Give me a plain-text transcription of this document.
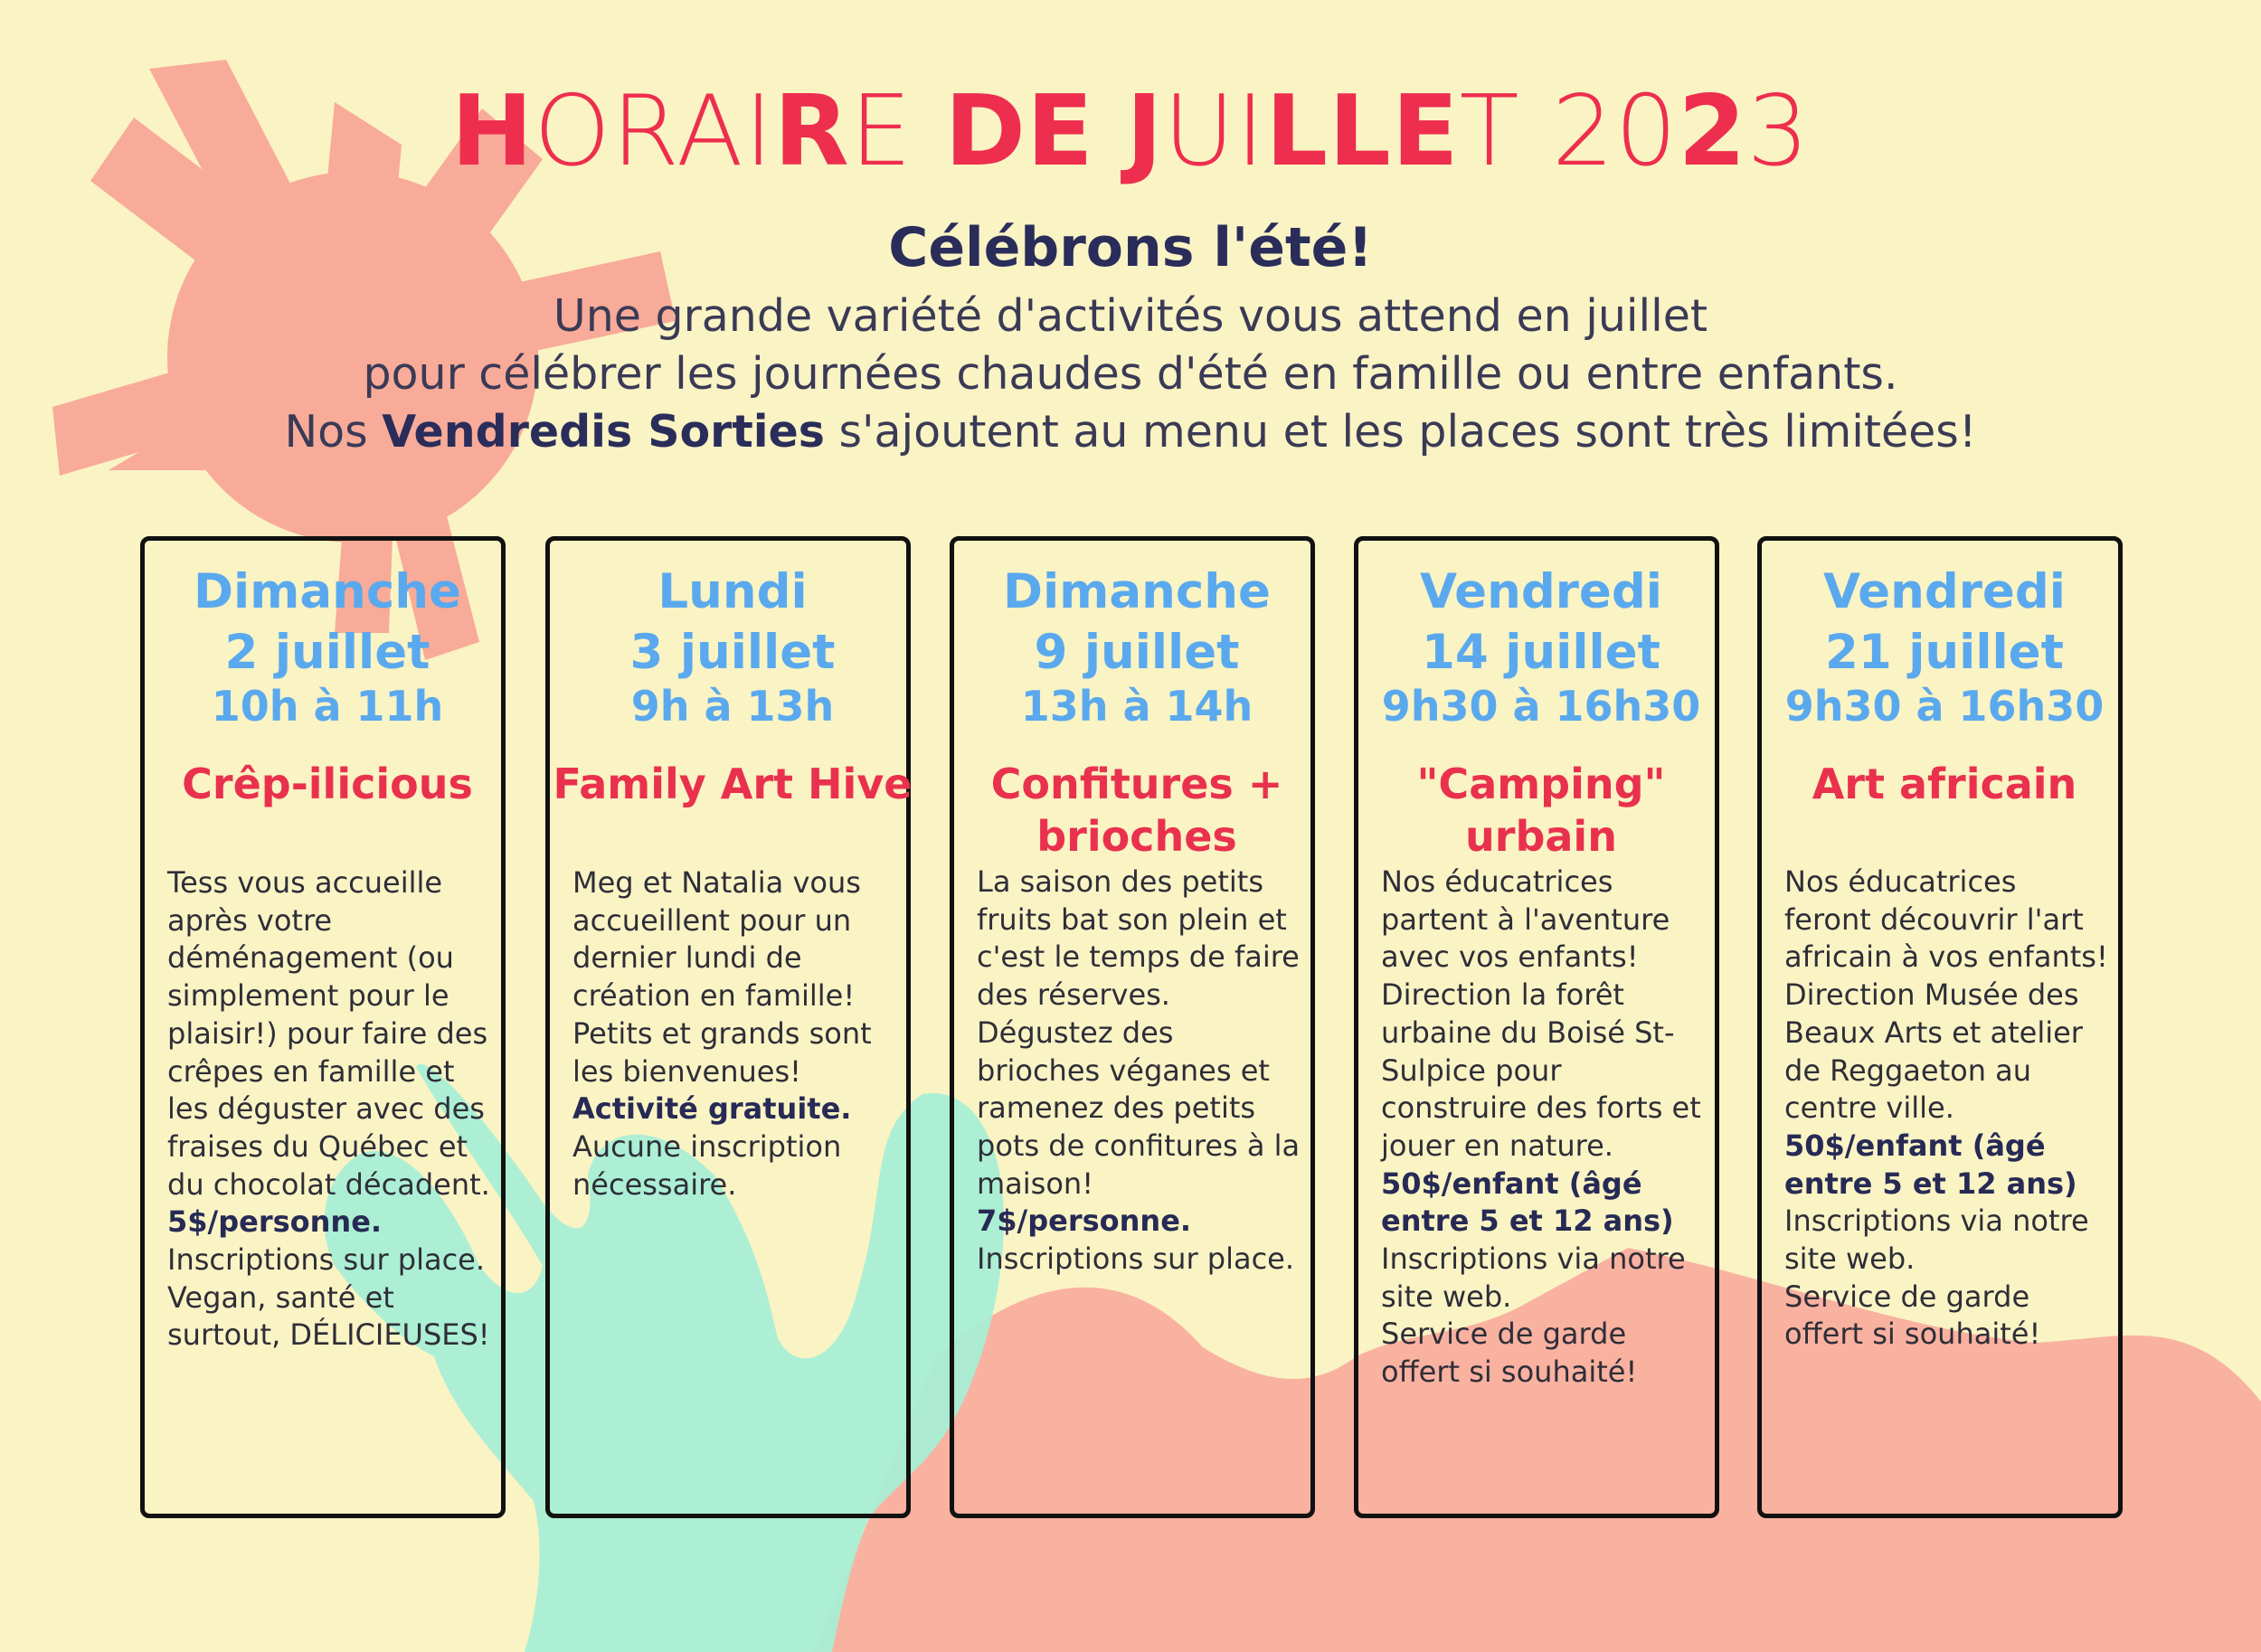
HORAIRE DE JUILLET 2023
Célébrons l'été!
Une grande variété d'activités vous attend en juillet
pour célébrer les journées chaudes d'été en famille ou entre enfants.
Nos Vendredis Sorties s'ajoutent au menu et les places sont très limitées!
Dimanche
2 juillet
10h à 11h
Crêp-ilicious

Tess vous accueille après votre déménagement (ou simplement pour le plaisir!) pour faire des crêpes en famille et les déguster avec des fraises du Québec et du chocolat décadent.

5$/personne.

Inscriptions sur place.

Vegan, santé et surtout, DÉLICIEUSES!

Lundi
3 juillet
9h à 13h
Family Art Hive

Meg et Natalia vous accueillent pour un dernier lundi de création en famille! Petits et grands sont les bienvenues!

Activité gratuite.

Aucune inscription nécessaire.

Dimanche
9 juillet
13h à 14h
Confitures + brioches

La saison des petits fruits bat son plein et c'est le temps de faire des réserves. Dégustez des brioches véganes et ramenez des petits pots de confitures à la maison!

7$/personne.

Inscriptions sur place.

Vendredi
14 juillet
9h30 à 16h30
"Camping" urbain

Nos éducatrices partent à l'aventure avec vos enfants! Direction la forêt urbaine du Boisé St-Sulpice pour construire des forts et jouer en nature.

50$/enfant (âgé entre 5 et 12 ans)

Inscriptions via notre site web.

Service de garde offert si souhaité!

Vendredi
21 juillet
9h30 à 16h30
Art africain

Nos éducatrices feront découvrir l'art africain à vos enfants! Direction Musée des Beaux Arts et atelier de Reggaeton au centre ville.

50$/enfant (âgé entre 5 et 12 ans)

Inscriptions via notre site web.

Service de garde offert si souhaité!
